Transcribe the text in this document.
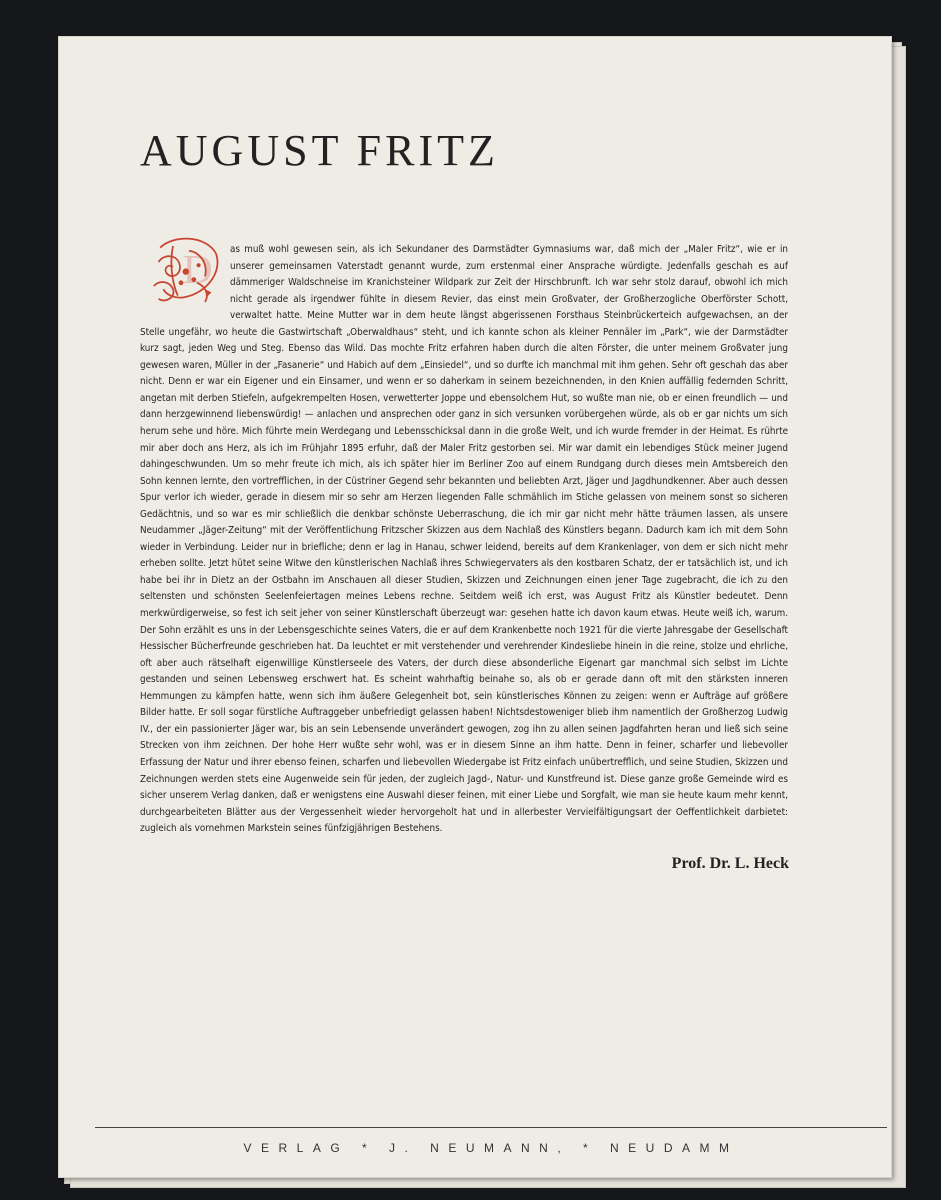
AUGUST FRITZ
D as muß wohl gewesen sein, als ich Sekundaner des Darmstädter Gymnasiums war, daß mich der „Maler Fritz“, wie er in unserer gemeinsamen Vaterstadt genannt wurde, zum erstenmal einer Ansprache würdigte. Jedenfalls geschah es auf dämmeriger Waldschneise im Kranichsteiner Wildpark zur Zeit der Hirschbrunft. Ich war sehr stolz darauf, obwohl ich mich nicht gerade als irgendwer fühlte in diesem Revier, das einst mein Großvater, der Großherzogliche Oberförster Schott, verwaltet hatte. Meine Mutter war in dem heute längst abgerissenen Forsthaus Steinbrückerteich aufgewachsen, an der Stelle ungefähr, wo heute die Gastwirtschaft „Oberwaldhaus“ steht, und ich kannte schon als kleiner Pennäler im „Park“, wie der Darmstädter kurz sagt, jeden Weg und Steg. Ebenso das Wild. Das mochte Fritz erfahren haben durch die alten Förster, die unter meinem Großvater jung gewesen waren, Müller in der „Fasanerie“ und Habich auf dem „Einsiedel“, und so durfte ich manchmal mit ihm gehen. Sehr oft geschah das aber nicht. Denn er war ein Eigener und ein Einsamer, und wenn er so daherkam in seinem bezeichnenden, in den Knien auffällig federnden Schritt, angetan mit derben Stiefeln, aufgekrempelten Hosen, verwetterter Joppe und ebensolchem Hut, so wußte man nie, ob er einen freundlich — und dann herzgewinnend liebenswürdig! — anlachen und ansprechen oder ganz in sich versunken vorübergehen würde, als ob er gar nichts um sich herum sehe und höre. Mich führte mein Werdegang und Lebensschicksal dann in die große Welt, und ich wurde fremder in der Heimat. Es rührte mir aber doch ans Herz, als ich im Frühjahr 1895 erfuhr, daß der Maler Fritz gestorben sei. Mir war damit ein lebendiges Stück meiner Jugend dahingeschwunden. Um so mehr freute ich mich, als ich später hier im Berliner Zoo auf einem Rundgang durch dieses mein Amtsbereich den Sohn kennen lernte, den vortrefflichen, in der Cüstriner Gegend sehr bekannten und beliebten Arzt, Jäger und Jagdhundkenner. Aber auch dessen Spur verlor ich wieder, gerade in diesem mir so sehr am Herzen liegenden Falle schmählich im Stiche gelassen von meinem sonst so sicheren Gedächtnis, und so war es mir schließlich die denkbar schönste Ueberraschung, die ich mir gar nicht mehr hätte träumen lassen, als unsere Neudammer „Jäger-Zeitung“ mit der Veröffentlichung Fritzscher Skizzen aus dem Nachlaß des Künstlers begann. Dadurch kam ich mit dem Sohn wieder in Verbindung. Leider nur in briefliche; denn er lag in Hanau, schwer leidend, bereits auf dem Krankenlager, von dem er sich nicht mehr erheben sollte. Jetzt hütet seine Witwe den künstlerischen Nachlaß ihres Schwiegervaters als den kostbaren Schatz, der er tatsächlich ist, und ich habe bei ihr in Dietz an der Ostbahn im Anschauen all dieser Studien, Skizzen und Zeichnungen einen jener Tage zugebracht, die ich zu den seltensten und schönsten Seelenfeiertagen meines Lebens rechne. Seitdem weiß ich erst, was August Fritz als Künstler bedeutet. Denn merkwürdigerweise, so fest ich seit jeher von seiner Künstlerschaft überzeugt war: gesehen hatte ich davon kaum etwas. Heute weiß ich, warum. Der Sohn erzählt es uns in der Lebensgeschichte seines Vaters, die er auf dem Krankenbette noch 1921 für die vierte Jahresgabe der Gesellschaft Hessischer Bücherfreunde geschrieben hat. Da leuchtet er mit verstehender und verehrender Kindesliebe hinein in die reine, stolze und ehrliche, oft aber auch rätselhaft eigenwillige Künstlerseele des Vaters, der durch diese absonderliche Eigenart gar manchmal sich selbst im Lichte gestanden und seinen Lebensweg erschwert hat. Es scheint wahrhaftig beinahe so, als ob er gerade dann oft mit den stärksten inneren Hemmungen zu kämpfen hatte, wenn sich ihm äußere Gelegenheit bot, sein künstlerisches Können zu zeigen: wenn er Aufträge auf größere Bilder hatte. Er soll sogar fürstliche Auftraggeber unbefriedigt gelassen haben! Nichtsdestoweniger blieb ihm namentlich der Großherzog Ludwig IV., der ein passionierter Jäger war, bis an sein Lebensende unverändert gewogen, zog ihn zu allen seinen Jagdfahrten heran und ließ sich seine Strecken von ihm zeichnen. Der hohe Herr wußte sehr wohl, was er in diesem Sinne an ihm hatte. Denn in feiner, scharfer und liebevoller Erfassung der Natur und ihrer ebenso feinen, scharfen und liebevollen Wiedergabe ist Fritz einfach unübertrefflich, und seine Studien, Skizzen und Zeichnungen werden stets eine Augenweide sein für jeden, der zugleich Jagd-, Natur- und Kunstfreund ist. Diese ganze große Gemeinde wird es sicher unserem Verlag danken, daß er wenigstens eine Auswahl dieser feinen, mit einer Liebe und Sorgfalt, wie man sie heute kaum mehr kennt, durchgearbeiteten Blätter aus der Vergessenheit wieder hervorgeholt hat und in allerbester Vervielfältigungsart der Oeffentlichkeit darbietet: zugleich als vornehmen Markstein seines fünfzigjährigen Bestehens.
Prof. Dr. L. Heck
VERLAG * J. NEUMANN, * NEUDAMM
